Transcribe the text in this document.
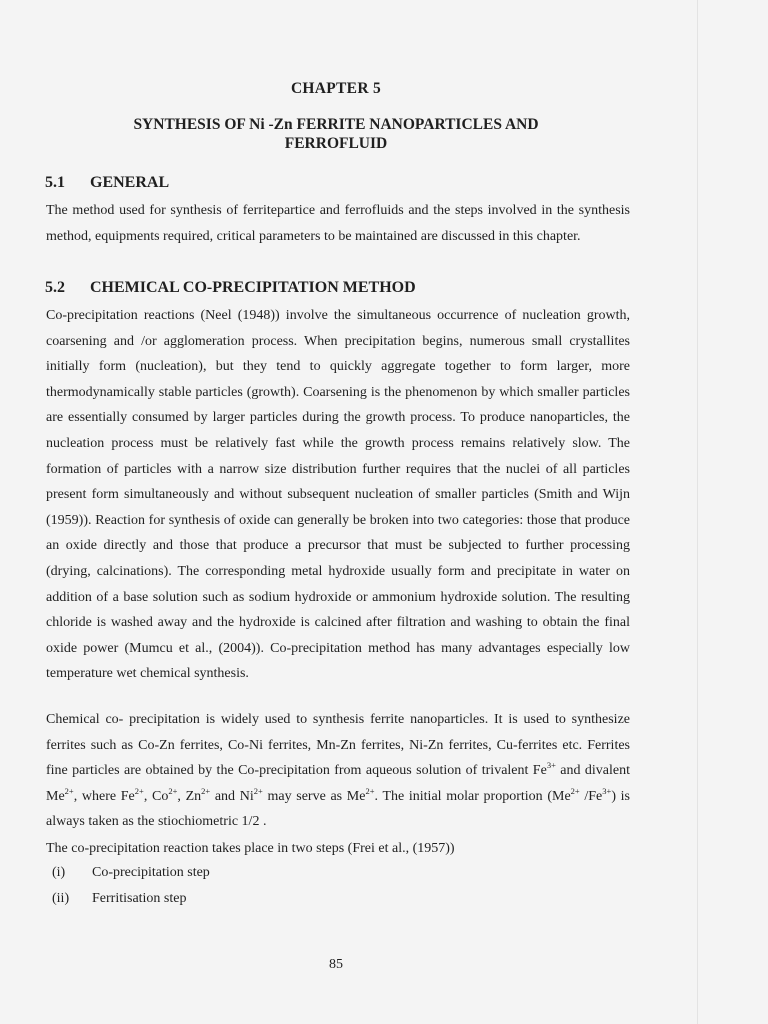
CHAPTER 5
SYNTHESIS OF Ni -Zn FERRITE NANOPARTICLES AND
FERROFLUID
5.1 GENERAL

The method used for synthesis of ferritepartice and ferrofluids and the steps involved in the synthesis method, equipments required, critical parameters to be maintained are discussed in this chapter.

5.2 CHEMICAL CO-PRECIPITATION METHOD

Co-precipitation reactions (Neel (1948)) involve the simultaneous occurrence of nucleation growth, coarsening and /or agglomeration process. When precipitation begins, numerous small crystallites initially form (nucleation), but they tend to quickly aggregate together to form larger, more thermodynamically stable particles (growth). Coarsening is the phenomenon by which smaller particles are essentially consumed by larger particles during the growth process. To produce nanoparticles, the nucleation process must be relatively fast while the growth process remains relatively slow. The formation of particles with a narrow size distribution further requires that the nuclei of all particles present form simultaneously and without subsequent nucleation of smaller particles (Smith and Wijn (1959)). Reaction for synthesis of oxide can generally be broken into two categories: those that produce an oxide directly and those that produce a precursor that must be subjected to further processing (drying, calcinations). The corresponding metal hydroxide usually form and precipitate in water on addition of a base solution such as sodium hydroxide or ammonium hydroxide solution. The resulting chloride is washed away and the hydroxide is calcined after filtration and washing to obtain the final oxide power (Mumcu et al., (2004)). Co-precipitation method has many advantages especially low temperature wet chemical synthesis.

Chemical co- precipitation is widely used to synthesis ferrite nanoparticles. It is used to synthesize ferrites such as Co-Zn ferrites, Co-Ni ferrites, Mn-Zn ferrites, Ni-Zn ferrites, Cu-ferrites etc. Ferrites fine particles are obtained by the Co-precipitation from aqueous solution of trivalent $Fe^{3+}$ and divalent $Me^{2+}$, where $Fe^{2+}$, $Co^{2+}$, $Zn^{2+}$ and $Ni^{2+}$ may serve as $Me^{2+}$. The initial molar proportion ($Me^{2+}$ $/Fe^{3+}$) is always taken as the stiochiometric 1/2 .

The co-precipitation reaction takes place in two steps (Frei et al., (1957))

(i) Co-precipitation step
(ii) Ferritisation step
85
